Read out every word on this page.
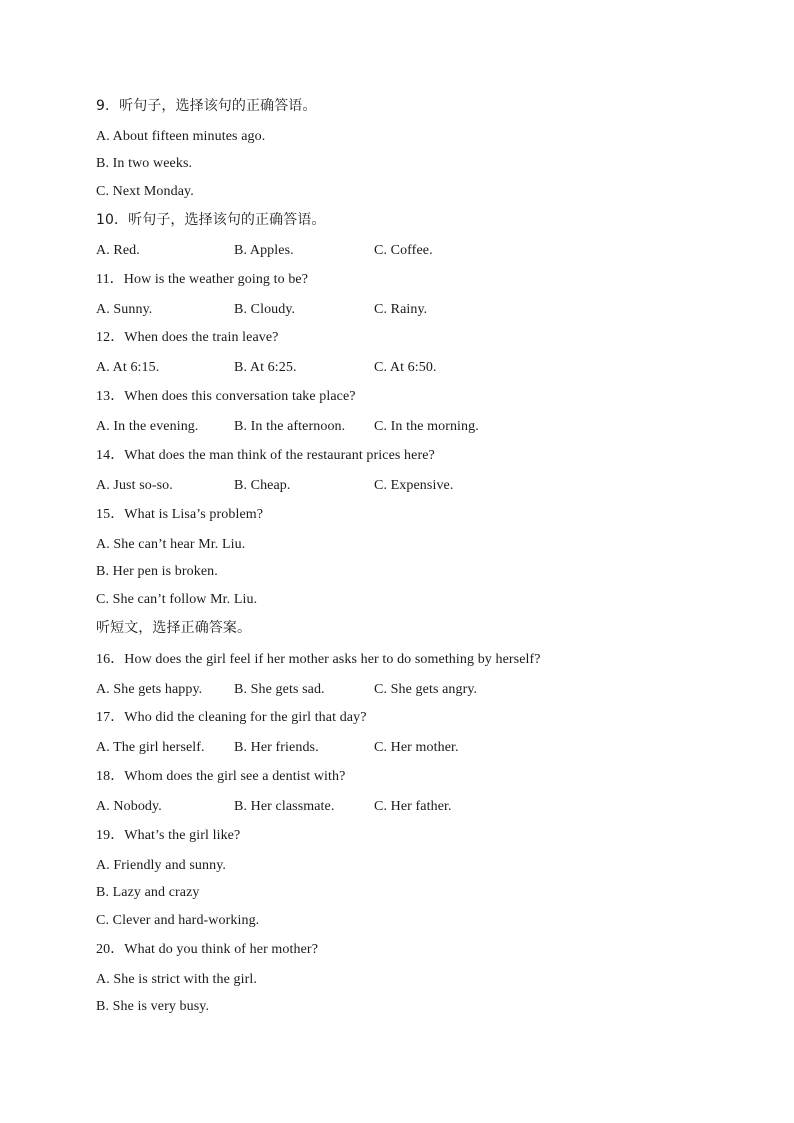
9．听句子，选择该句的正确答语。
A. About fifteen minutes ago.
B. In two weeks.
C. Next Monday.
10．听句子，选择该句的正确答语。
A. Red.	B. Apples.	C. Coffee.
11．How is the weather going to be?
A. Sunny.	B. Cloudy.	C. Rainy.
12．When does the train leave?
A. At 6:15.	B. At 6:25.	C. At 6:50.
13．When does this conversation take place?
A. In the evening.	B. In the afternoon. C. In the morning.
14．What does the man think of the restaurant prices here?
A. Just so-so.	B. Cheap.	C. Expensive.
15．What is Lisa’s problem?
A. She can’t hear Mr. Liu.
B. Her pen is broken.
C. She can’t follow Mr. Liu.
听短文，选择正确答案。
16．How does the girl feel if her mother asks her to do something by herself?
A. She gets happy. B. She gets sad.	C. She gets angry.
17．Who did the cleaning for the girl that day?
A. The girl herself. B. Her friends.	C. Her mother.
18．Whom does the girl see a dentist with?
A. Nobody.	B. Her classmate.	C. Her father.
19．What’s the girl like?
A. Friendly and sunny.
B. Lazy and crazy
C. Clever and hard-working.
20．What do you think of her mother?
A. She is strict with the girl.
B. She is very busy.
